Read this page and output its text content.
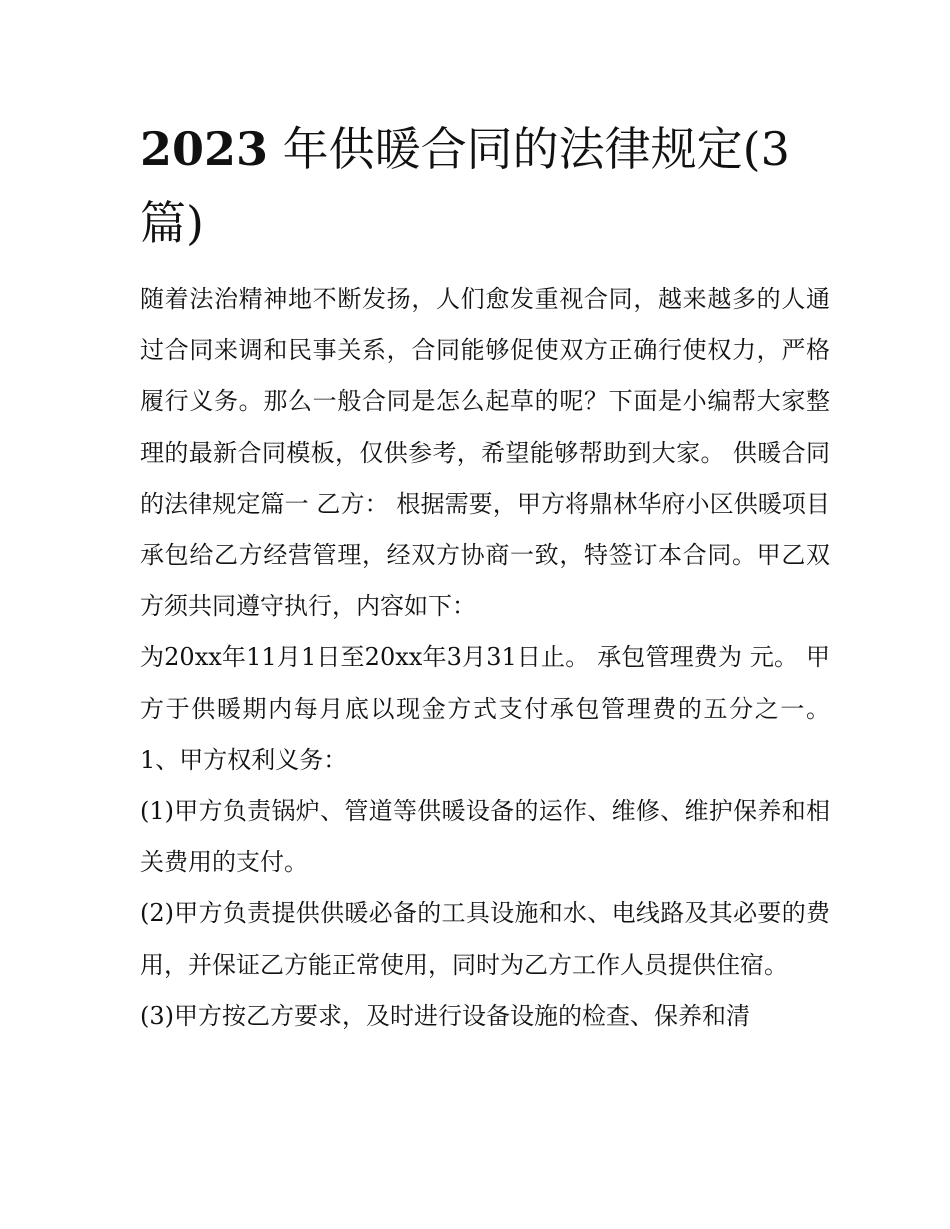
2023 年供暖合同的法律规定(3篇)

随着法治精神地不断发扬，人们愈发重视合同，越来越多的人通过合同来调和民事关系，合同能够促使双方正确行使权力，严格履行义务。那么一般合同是怎么起草的呢？下面是小编帮大家整理的最新合同模板，仅供参考，希望能够帮助到大家。 供暖合同的法律规定篇一 乙方： 根据需要，甲方将鼎林华府小区供暖项目承包给乙方经营管理，经双方协商一致，特签订本合同。甲乙双方须共同遵守执行，内容如下：

为20xx年11月1日至20xx年3月31日止。 承包管理费为 元。 甲方于供暖期内每月底以现金方式支付承包管理费的五分之一。 1、甲方权利义务：

(1)甲方负责锅炉、管道等供暖设备的运作、维修、维护保养和相关费用的支付。

(2)甲方负责提供供暖必备的工具设施和水、电线路及其必要的费用，并保证乙方能正常使用，同时为乙方工作人员提供住宿。

(3)甲方按乙方要求，及时进行设备设施的检查、保养和清
